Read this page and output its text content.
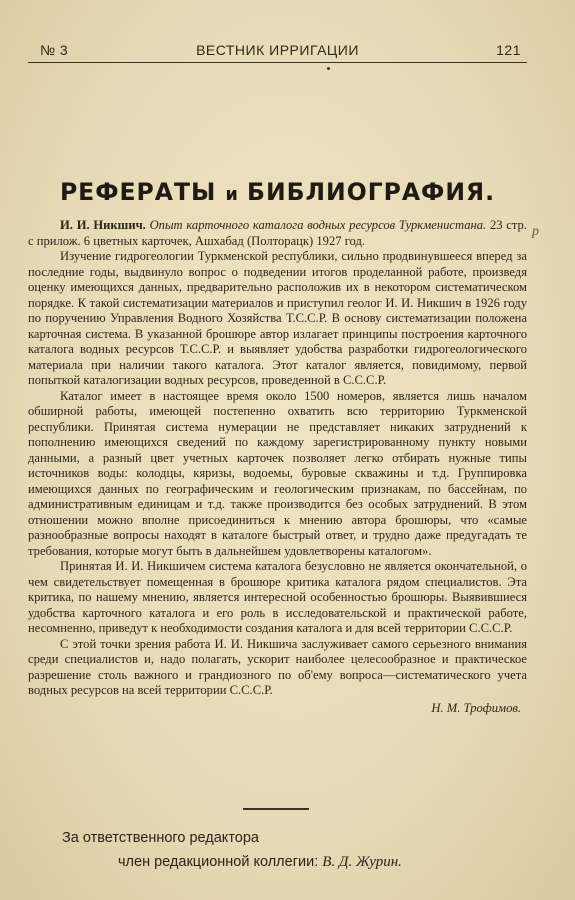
№ 3	ВЕСТНИК ИРРИГАЦИИ	121
РЕФЕРАТЫ и БИБЛИОГРАФИЯ.
р

И. И. Никшич. Опыт карточного каталога водных ресурсов Туркменистана. 23 стр. с прилож. 6 цветных карточек, Ашхабад (Полторацк) 1927 год.

Изучение гидрогеологии Туркменской республики, сильно продвинувшееся вперед за последние годы, выдвинуло вопрос о подведении итогов проделанной работе, произведя оценку имеющихся данных, предварительно расположив их в некотором систематическом порядке. К такой систематизации материалов и приступил геолог И. И. Никшич в 1926 году по поручению Управления Водного Хозяйства Т.С.С.Р. В основу систематизации положена карточная система. В указанной брошюре автор излагает принципы построения карточного каталога водных ресурсов Т.С.С.Р. и выявляет удобства разработки гидрогеологического материала при наличии такого каталога. Этот каталог является, повидимому, первой попыткой каталогизации водных ресурсов, проведенной в С.С.С.Р.

Каталог имеет в настоящее время около 1500 номеров, является лишь началом обширной работы, имеющей постепенно охватить всю территорию Туркменской республики. Принятая система нумерации не представляет никаких затруднений к пополнению имеющихся сведений по каждому зарегистрированному пункту новыми данными, а разный цвет учетных карточек позволяет легко отбирать нужные типы источников воды: колодцы, кяризы, водоемы, буровые скважины и т.д. Группировка имеющихся данных по географическим и геологическим признакам, по бассейнам, по административным единицам и т.д. также производится без особых затруднений. В этом отношении можно вполне присоединиться к мнению автора брошюры, что «самые разнообразные вопросы находят в каталоге быстрый ответ, и трудно даже предугадать те требования, которые могут быть в дальнейшем удовлетворены каталогом».

Принятая И. И. Никшичем система каталога безусловно не является окончательной, о чем свидетельствует помещенная в брошюре критика каталога рядом специалистов. Эта критика, по нашему мнению, является интересной особенностью брошюры. Выявившиеся удобства карточного каталога и его роль в исследовательской и практической работе, несомненно, приведут к необходимости создания каталога и для всей территории С.С.С.Р.

С этой точки зрения работа И. И. Никшича заслуживает самого серьезного внимания среди специалистов и, надо полагать, ускорит наиболее целесообразное и практическое разрешение столь важного и грандиозного по об'ему вопроса—систематического учета водных ресурсов на всей территории С.С.С.Р.

Н. М. Трофимов.
За ответственного редактора
член редакционной коллегии: В. Д. Журин.
